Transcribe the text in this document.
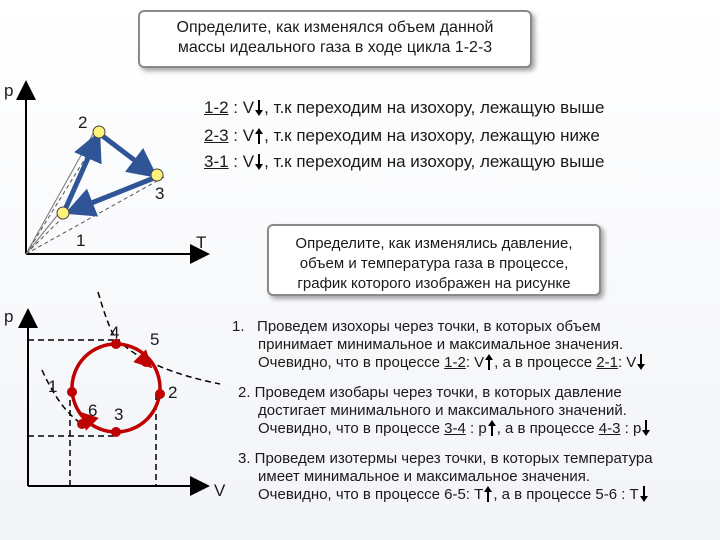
Определите, как изменялся объем данной
массы идеального газа в ходе цикла 1-2-3
p
T
2
3
1
p
V
4 5
1	2
6 3
1-2 : V , т.к переходим на изохору, лежащую выше
2-3 : V , т.к переходим на изохору, лежащую ниже
3-1 : V , т.к переходим на изохору, лежащую выше
Определите, как изменялись давление,
объем и температура газа в процессе,
график которого изображен на рисунке
1. Проведем изохоры через точки, в которых объем
принимает минимальное и максимальное значения.
Очевидно, что в процессе 1-2: V , а в процессе 2-1: V
2. Проведем изобары через точки, в которых давление
достигает минимального и максимального значений.
Очевидно, что в процессе 3-4 : p , а в процессе 4-3 : p
3. Проведем изотермы через точки, в которых температура
имеет минимальное и максимальное значения.
Очевидно, что в процессе 6-5: T , а в процессе 5-6 : T
